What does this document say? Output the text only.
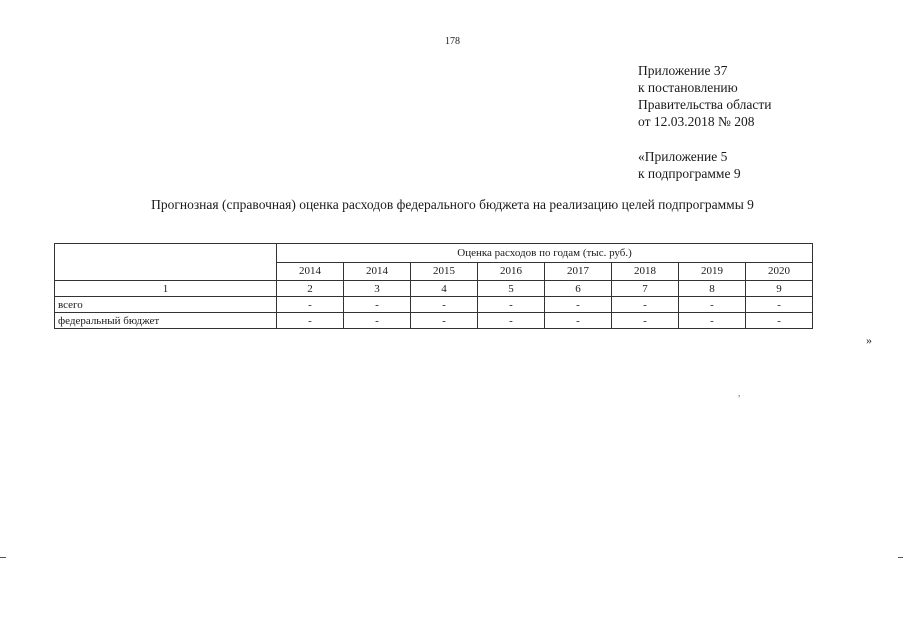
178
Приложение 37
к постановлению
Правительства области
от 12.03.2018 № 208
«Приложение 5
к подпрограмме 9
Прогнозная (справочная) оценка расходов федерального бюджета на реализацию целей подпрограммы 9
	Оценка расходов по годам (тыс. руб.)							
	2014	2014	2015	2016	2017	2018	2019	2020
1	2	3	4	5	6	7	8	9
всего	-	-	-	-	-	-	-	-
федеральный бюджет	-	-	-	-	-	-	-	-
»
,
